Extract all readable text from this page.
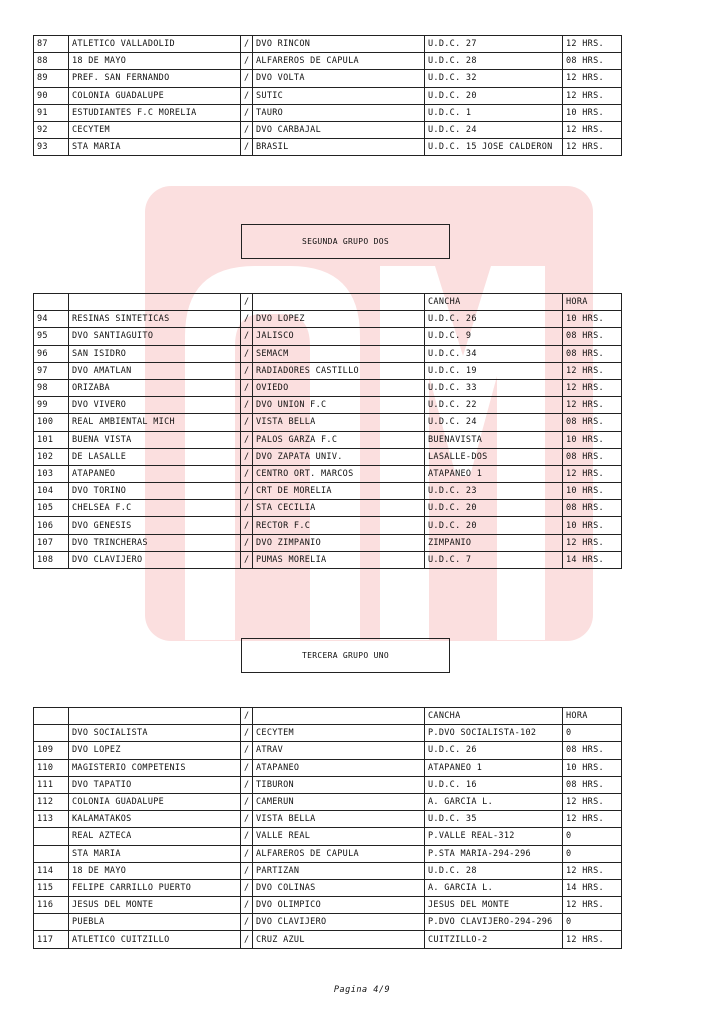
87	ATLETICO VALLADOLID	/	DVO RINCON	U.D.C. 27	12 HRS.
88	18 DE MAYO	/	ALFAREROS DE CAPULA	U.D.C. 28	08 HRS.
89	PREF. SAN FERNANDO	/	DVO VOLTA	U.D.C. 32	12 HRS.
90	COLONIA GUADALUPE	/	SUTIC	U.D.C. 20	12 HRS.
91	ESTUDIANTES F.C MORELIA	/	TAURO	U.D.C. 1	10 HRS.
92	CECYTEM	/	DVO CARBAJAL	U.D.C. 24	12 HRS.
93	STA MARIA	/	BRASIL	U.D.C. 15 JOSE CALDERON	12 HRS.
SEGUNDA GRUPO DOS
		/		CANCHA	HORA
94	RESINAS SINTETICAS	/	DVO LOPEZ	U.D.C. 26	10 HRS.
95	DVO SANTIAGUITO	/	JALISCO	U.D.C. 9	08 HRS.
96	SAN ISIDRO	/	SEMACM	U.D.C. 34	08 HRS.
97	DVO AMATLAN	/	RADIADORES CASTILLO	U.D.C. 19	12 HRS.
98	ORIZABA	/	OVIEDO	U.D.C. 33	12 HRS.
99	DVO VIVERO	/	DVO UNION F.C	U.D.C. 22	12 HRS.
100	REAL AMBIENTAL MICH	/	VISTA BELLA	U.D.C. 24	08 HRS.
101	BUENA VISTA	/	PALOS GARZA F.C	BUENAVISTA	10 HRS.
102	DE LASALLE	/	DVO ZAPATA UNIV.	LASALLE-DOS	08 HRS.
103	ATAPANEO	/	CENTRO ORT. MARCOS	ATAPANEO 1	12 HRS.
104	DVO TORINO	/	CRT DE MORELIA	U.D.C. 23	10 HRS.
105	CHELSEA F.C	/	STA CECILIA	U.D.C. 20	08 HRS.
106	DVO GENESIS	/	RECTOR F.C	U.D.C. 20	10 HRS.
107	DVO TRINCHERAS	/	DVO ZIMPANIO	ZIMPANIO	12 HRS.
108	DVO CLAVIJERO	/	PUMAS MORELIA	U.D.C. 7	14 HRS.
TERCERA GRUPO UNO
		/		CANCHA	HORA
	DVO SOCIALISTA	/	CECYTEM	P.DVO SOCIALISTA-102	0
109	DVO LOPEZ	/	ATRAV	U.D.C. 26	08 HRS.
110	MAGISTERIO COMPETENIS	/	ATAPANEO	ATAPANEO 1	10 HRS.
111	DVO TAPATIO	/	TIBURON	U.D.C. 16	08 HRS.
112	COLONIA GUADALUPE	/	CAMERUN	A. GARCIA L.	12 HRS.
113	KALAMATAKOS	/	VISTA BELLA	U.D.C. 35	12 HRS.
	REAL AZTECA	/	VALLE REAL	P.VALLE REAL-312	0
	STA MARIA	/	ALFAREROS DE CAPULA	P.STA MARIA-294-296	0
114	18 DE MAYO	/	PARTIZAN	U.D.C. 28	12 HRS.
115	FELIPE CARRILLO PUERTO	/	DVO COLINAS	A. GARCIA L.	14 HRS.
116	JESUS DEL MONTE	/	DVO OLIMPICO	JESUS DEL MONTE	12 HRS.
	PUEBLA	/	DVO CLAVIJERO	P.DVO CLAVIJERO-294-296	0
117	ATLETICO CUITZILLO	/	CRUZ AZUL	CUITZILLO-2	12 HRS.
Pagina 4/9
